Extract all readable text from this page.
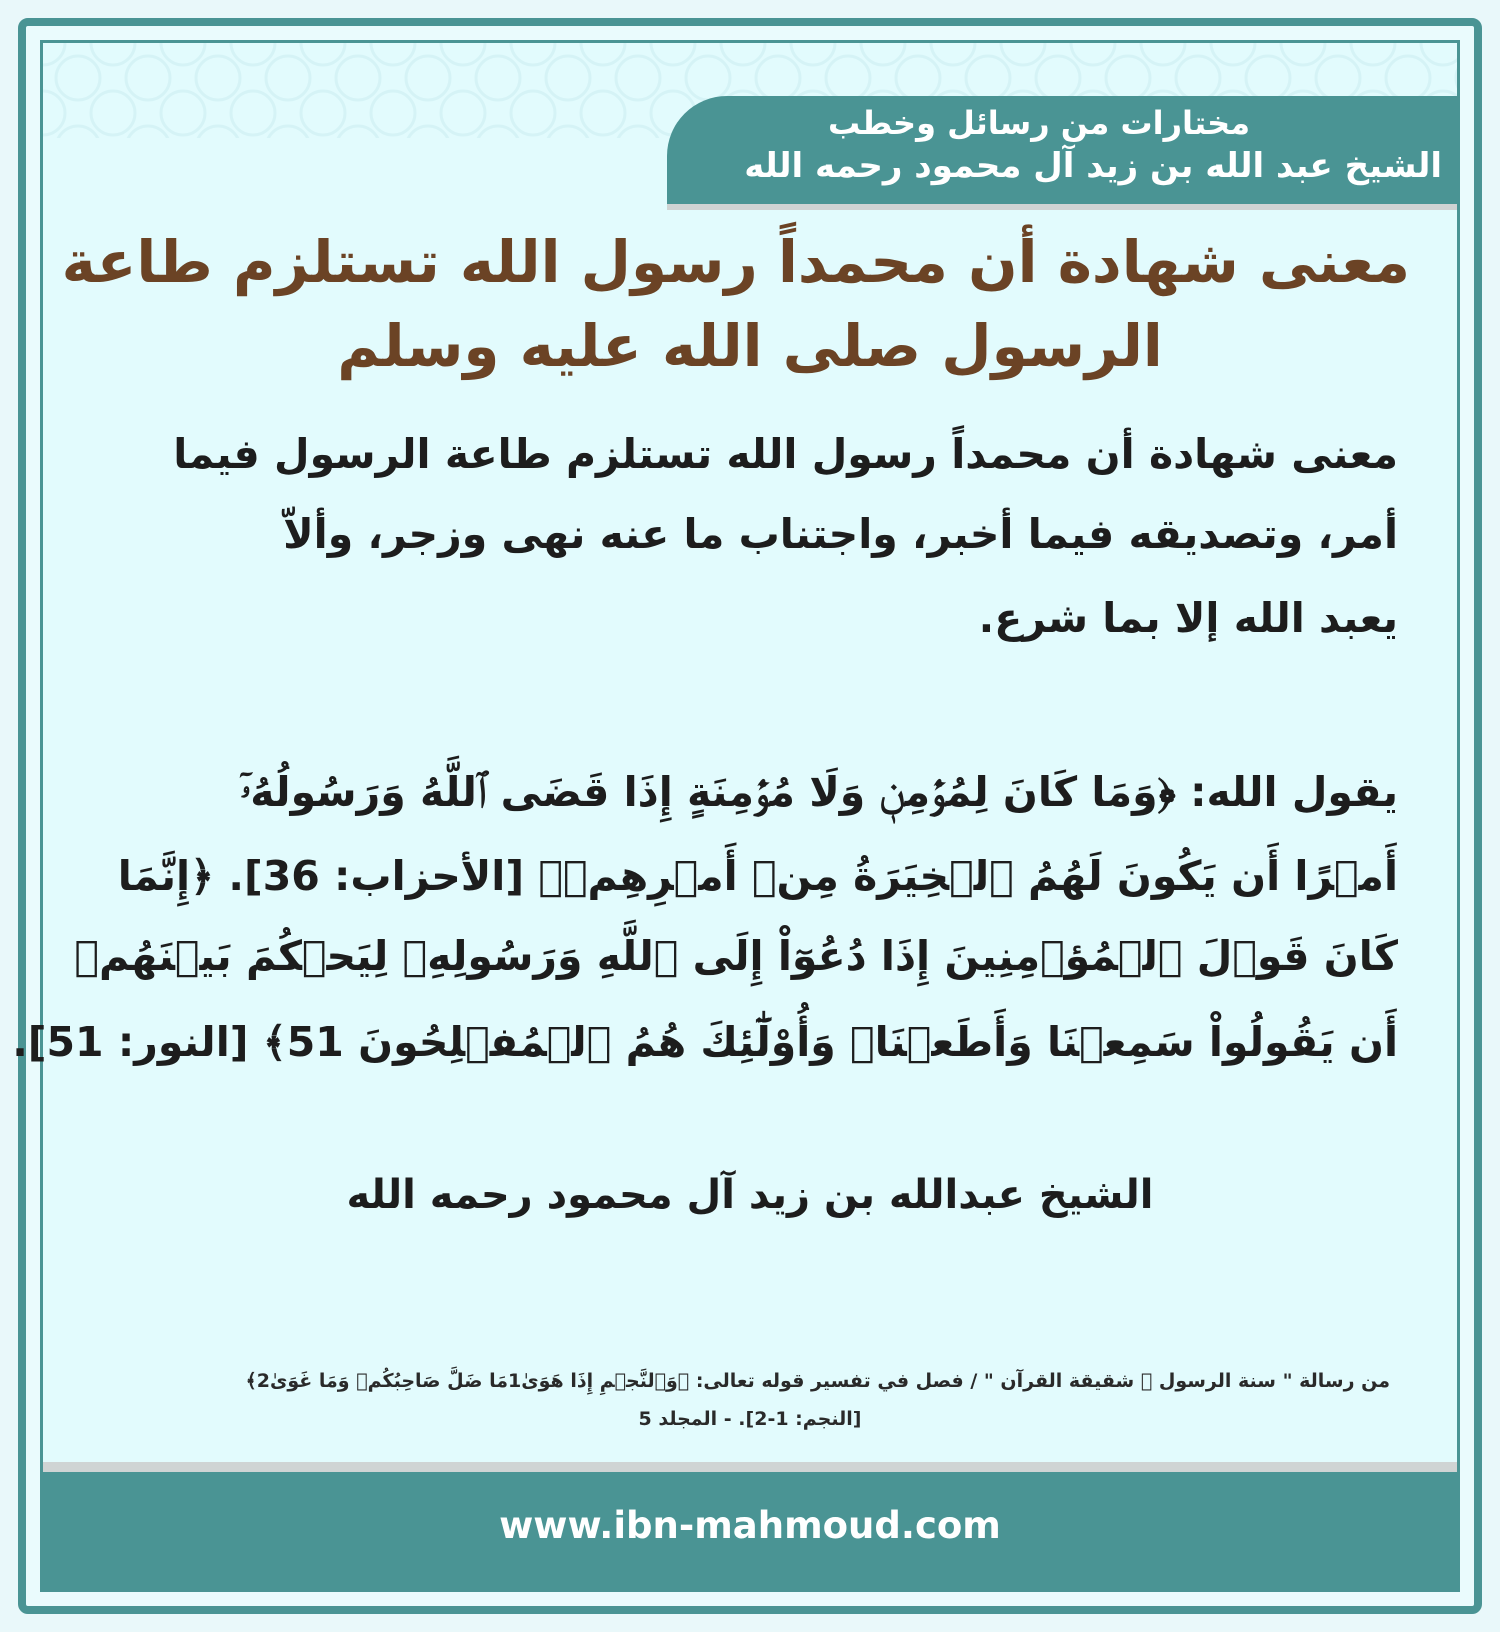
مختارات من رسائل وخطب
الشيخ عبد الله بن زيد آل محمود رحمه الله
معنى شهادة أن محمداً رسول الله تستلزم طاعة
الرسول صلى الله عليه وسلم
معنى شهادة أن محمداً رسول الله تستلزم طاعة الرسول فيما
أمر، وتصديقه فيما أخبر، واجتناب ما عنه نهى وزجر، وألاّ
يعبد الله إلا بما شرع.
يقول الله: ﴿وَمَا كَانَ لِمُؤۡمِنٖ وَلَا مُؤۡمِنَةٍ إِذَا قَضَى ٱللَّهُ وَرَسُولُهُۥٓ
أَمۡرًا أَن يَكُونَ لَهُمُ ٱلۡخِيَرَةُ مِنۡ أَمۡرِهِمۡ﴾ [الأحزاب: 36]. ﴿إِنَّمَا
كَانَ قَوۡلَ ٱلۡمُؤۡمِنِينَ إِذَا دُعُوٓاْ إِلَى ٱللَّهِ وَرَسُولِهِۦ لِيَحۡكُمَ بَيۡنَهُمۡ
أَن يَقُولُواْ سَمِعۡنَا وَأَطَعۡنَاۚ وَأُوْلَٰٓئِكَ هُمُ ٱلۡمُفۡلِحُونَ 51﴾ [النور: 51].
الشيخ عبدالله بن زيد آل محمود رحمه الله
من رسالة " سنة الرسول ﷺ شقيقة القرآن " / فصل في تفسير قوله تعالى: ﴿وَٱلنَّجۡمِ إِذَا هَوَىٰ1مَا ضَلَّ صَاحِبُكُمۡ وَمَا غَوَىٰ2﴾
[النجم: 1-2]. - المجلد 5
www.ibn-mahmoud.com
